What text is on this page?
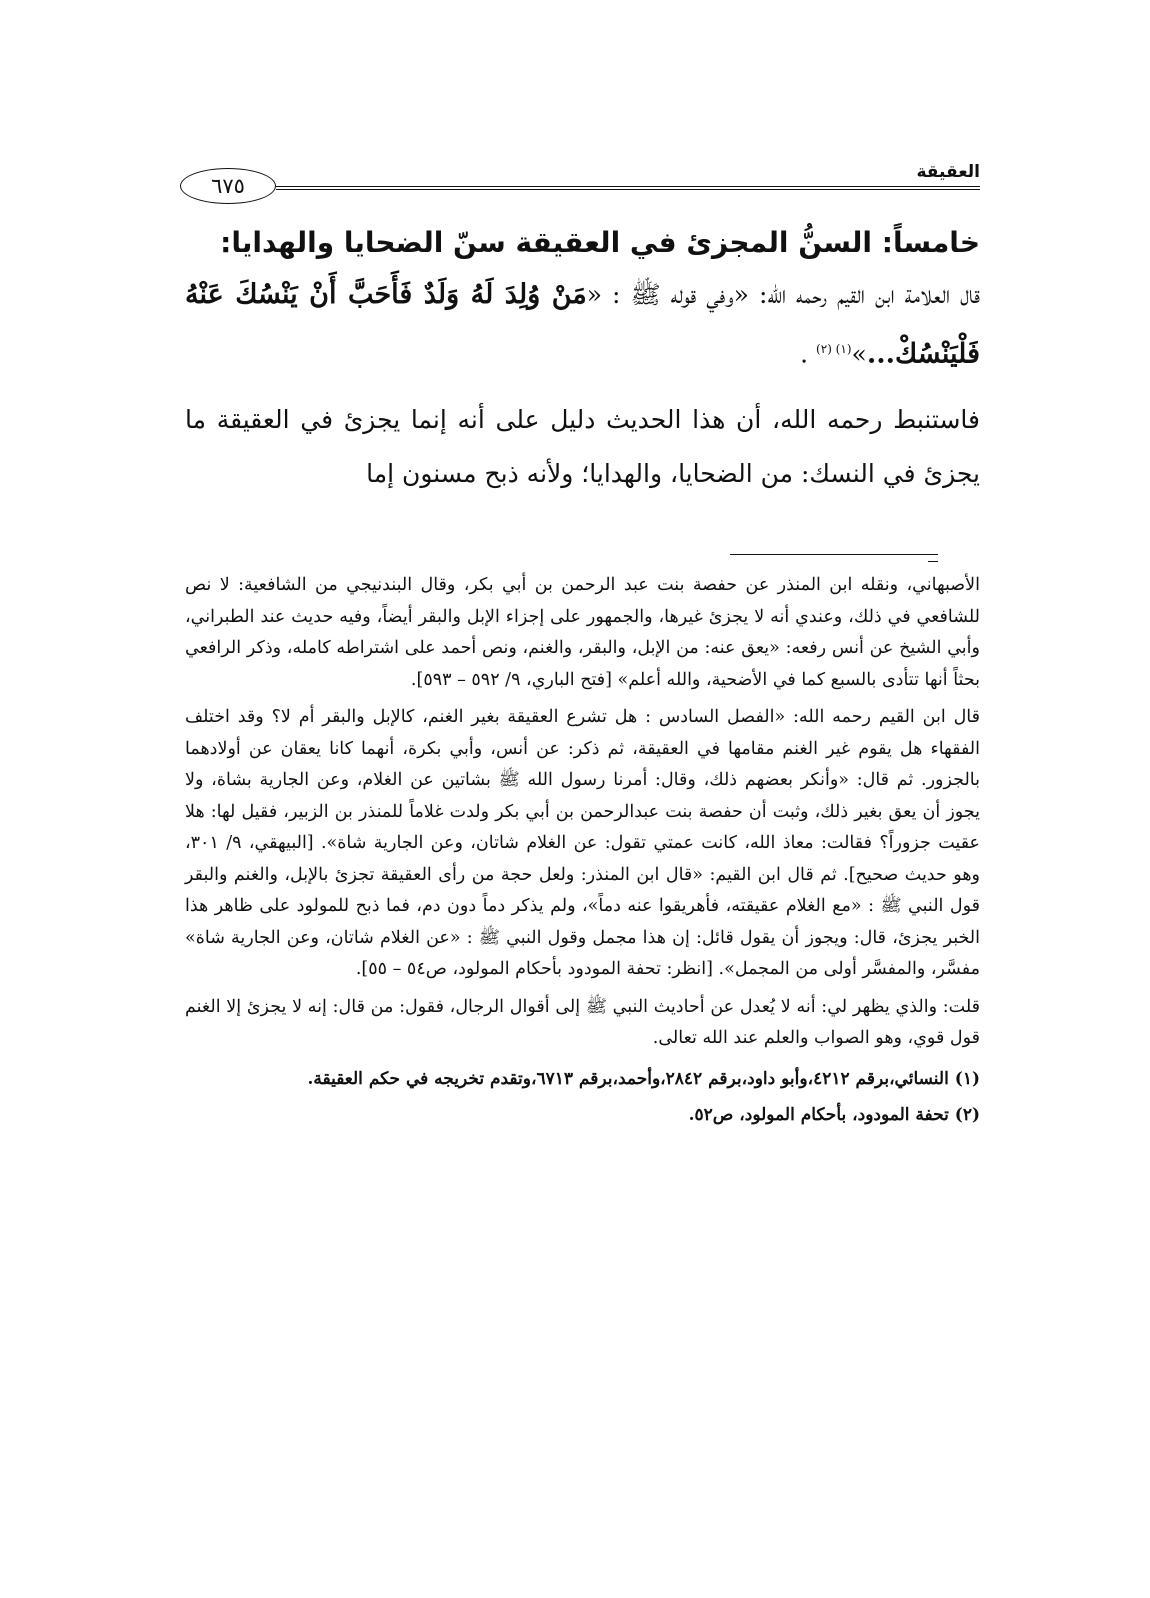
العقيقة
٦٧٥
خامساً: السنُّ المجزئ في العقيقة سنّ الضحايا والهدايا:

قال العلامة ابن القيم رحمه الله: «وفي قوله ﷺ : «مَنْ وُلِدَ لَهُ وَلَدٌ فَأَحَبَّ أَنْ يَنْسُكَ عَنْهُ فَلْيَنْسُكْ...»$^{(١) (٢)}$ .

فاستنبط رحمه الله، أن هذا الحديث دليل على أنه إنما يجزئ في العقيقة ما يجزئ في النسك: من الضحايا، والهدايا؛ ولأنه ذبح مسنون إما

الأصبهاني، ونقله ابن المنذر عن حفصة بنت عبد الرحمن بن أبي بكر، وقال البندنيجي من الشافعية: لا نص للشافعي في ذلك، وعندي أنه لا يجزئ غيرها، والجمهور على إجزاء الإبل والبقر أيضاً، وفيه حديث عند الطبراني، وأبي الشيخ عن أنس رفعه: «يعق عنه: من الإبل، والبقر، والغنم، ونص أحمد على اشتراطه كامله، وذكر الرافعي بحثاً أنها تتأدى بالسبع كما في الأضحية، والله أعلم» [فتح الباري، ٩/ ٥٩٢ – ٥٩٣].

قال ابن القيم رحمه الله: «الفصل السادس : هل تشرع العقيقة بغير الغنم، كالإبل والبقر أم لا؟ وقد اختلف الفقهاء هل يقوم غير الغنم مقامها في العقيقة، ثم ذكر: عن أنس، وأبي بكرة، أنهما كانا يعقان عن أولادهما بالجزور. ثم قال: «وأنكر بعضهم ذلك، وقال: أمرنا رسول الله ﷺ بشاتين عن الغلام، وعن الجارية بشاة، ولا يجوز أن يعق بغير ذلك، وثبت أن حفصة بنت عبدالرحمن بن أبي بكر ولدت غلاماً للمنذر بن الزبير، فقيل لها: هلا عقيت جزوراً؟ فقالت: معاذ الله، كانت عمتي تقول: عن الغلام شاتان، وعن الجارية شاة». [البيهقي، ٩/ ٣٠١، وهو حديث صحيح]. ثم قال ابن القيم: «قال ابن المنذر: ولعل حجة من رأى العقيقة تجزئ بالإبل، والغنم والبقر قول النبي ﷺ : «مع الغلام عقيقته، فأهريقوا عنه دماً»، ولم يذكر دماً دون دم، فما ذبح للمولود على ظاهر هذا الخبر يجزئ، قال: ويجوز أن يقول قائل: إن هذا مجمل وقول النبي ﷺ : «عن الغلام شاتان، وعن الجارية شاة» مفسَّر، والمفسَّر أولى من المجمل». [انظر: تحفة المودود بأحكام المولود، ص٥٤ – ٥٥].

قلت: والذي يظهر لي: أنه لا يُعدل عن أحاديث النبي ﷺ إلى أقوال الرجال، فقول: من قال: إنه لا يجزئ إلا الغنم قول قوي، وهو الصواب والعلم عند الله تعالى.

(١) النسائي،برقم ٤٢١٢،وأبو داود،برقم ٢٨٤٢،وأحمد،برقم ٦٧١٣،وتقدم تخريجه في حكم العقيقة.

(٢) تحفة المودود، بأحكام المولود، ص٥٢.
